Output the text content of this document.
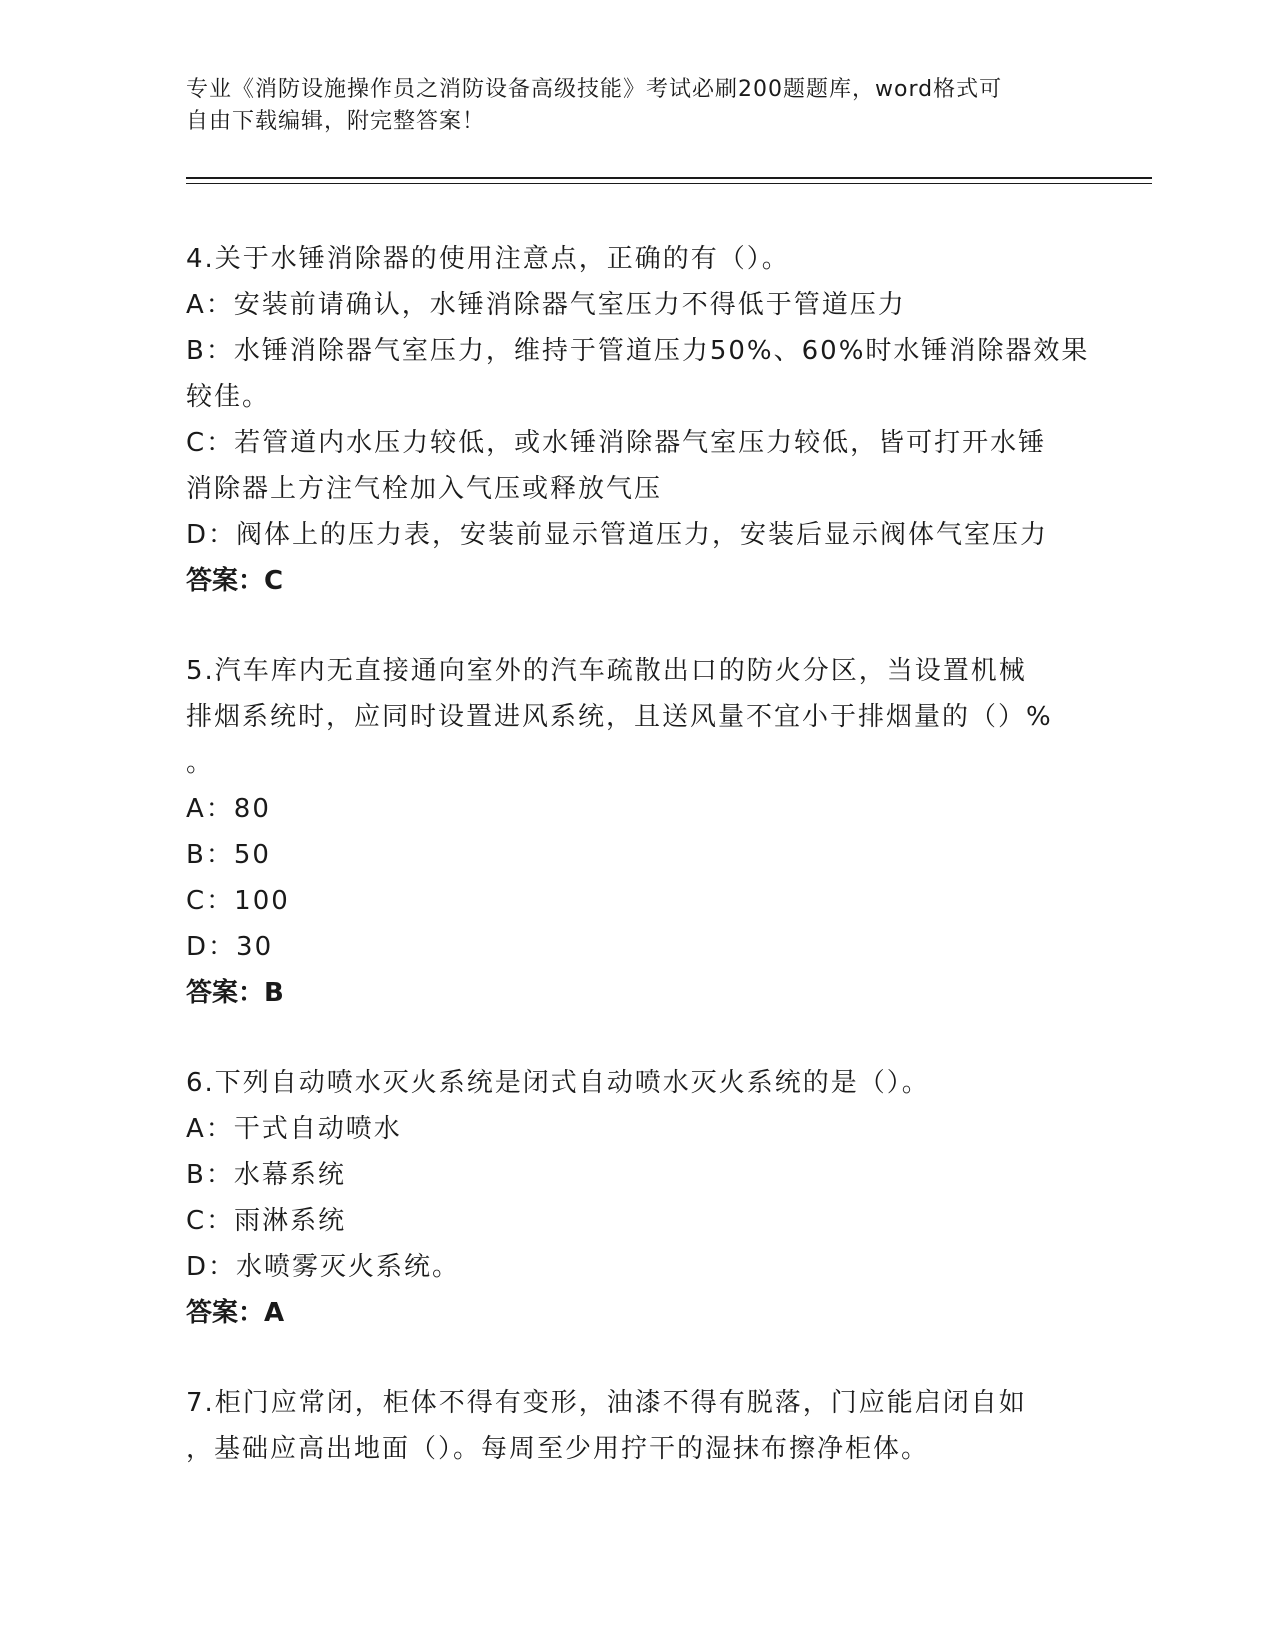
专业《消防设施操作员之消防设备高级技能》考试必刷200题题库，word格式可
自由下载编辑，附完整答案！
4.关于水锤消除器的使用注意点，正确的有（）。
A：安装前请确认，水锤消除器气室压力不得低于管道压力
B：水锤消除器气室压力，维持于管道压力50%、60%时水锤消除器效果
较佳。
C：若管道内水压力较低，或水锤消除器气室压力较低，皆可打开水锤
消除器上方注气栓加入气压或释放气压
D：阀体上的压力表，安装前显示管道压力，安装后显示阀体气室压力
答案：C
5.汽车库内无直接通向室外的汽车疏散出口的防火分区，当设置机械
排烟系统时，应同时设置进风系统，且送风量不宜小于排烟量的（）%
。
A：80
B：50
C：100
D：30
答案：B
6.下列自动喷水灭火系统是闭式自动喷水灭火系统的是（）。
A：干式自动喷水
B：水幕系统
C：雨淋系统
D：水喷雾灭火系统。
答案：A
7.柜门应常闭，柜体不得有变形，油漆不得有脱落，门应能启闭自如
，基础应高出地面（）。每周至少用拧干的湿抹布擦净柜体。
